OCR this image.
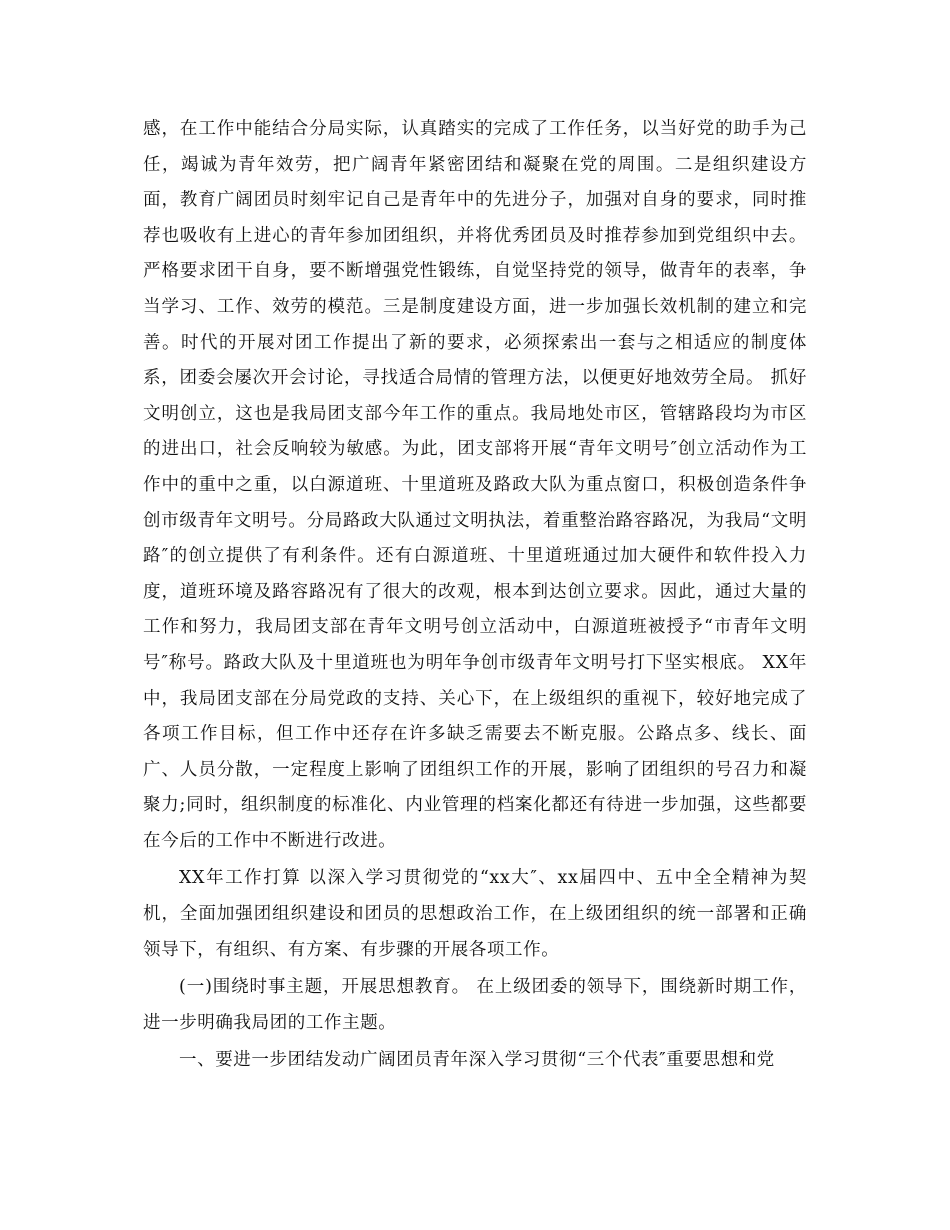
感，在工作中能结合分局实际，认真踏实的完成了工作任务，以当好党的助手为己任，竭诚为青年效劳，把广阔青年紧密团结和凝聚在党的周围。二是组织建设方面，教育广阔团员时刻牢记自己是青年中的先进分子，加强对自身的要求，同时推荐也吸收有上进心的青年参加团组织，并将优秀团员及时推荐参加到党组织中去。严格要求团干自身，要不断增强党性锻练，自觉坚持党的领导，做青年的表率，争当学习、工作、效劳的模范。三是制度建设方面，进一步加强长效机制的建立和完善。时代的开展对团工作提出了新的要求，必须探索出一套与之相适应的制度体系，团委会屡次开会讨论，寻找适合局情的管理方法，以便更好地效劳全局。 抓好文明创立，这也是我局团支部今年工作的重点。我局地处市区，管辖路段均为市区的进出口，社会反响较为敏感。为此，团支部将开展“青年文明号″创立活动作为工作中的重中之重，以白源道班、十里道班及路政大队为重点窗口，积极创造条件争创市级青年文明号。分局路政大队通过文明执法，着重整治路容路况，为我局“文明路″的创立提供了有利条件。还有白源道班、十里道班通过加大硬件和软件投入力度，道班环境及路容路况有了很大的改观，根本到达创立要求。因此，通过大量的工作和努力，我局团支部在青年文明号创立活动中，白源道班被授予“市青年文明号″称号。路政大队及十里道班也为明年争创市级青年文明号打下坚实根底。 XX年中，我局团支部在分局党政的支持、关心下，在上级组织的重视下，较好地完成了各项工作目标，但工作中还存在许多缺乏需要去不断克服。公路点多、线长、面广、人员分散，一定程度上影响了团组织工作的开展，影响了团组织的号召力和凝聚力;同时，组织制度的标准化、内业管理的档案化都还有待进一步加强，这些都要在今后的工作中不断进行改进。

XX年工作打算 以深入学习贯彻党的“xx大″、xx届四中、五中全全精神为契机，全面加强团组织建设和团员的思想政治工作，在上级团组织的统一部署和正确领导下，有组织、有方案、有步骤的开展各项工作。

(一)围绕时事主题，开展思想教育。 在上级团委的领导下，围绕新时期工作，进一步明确我局团的工作主题。

一、要进一步团结发动广阔团员青年深入学习贯彻“三个代表″重要思想和党
